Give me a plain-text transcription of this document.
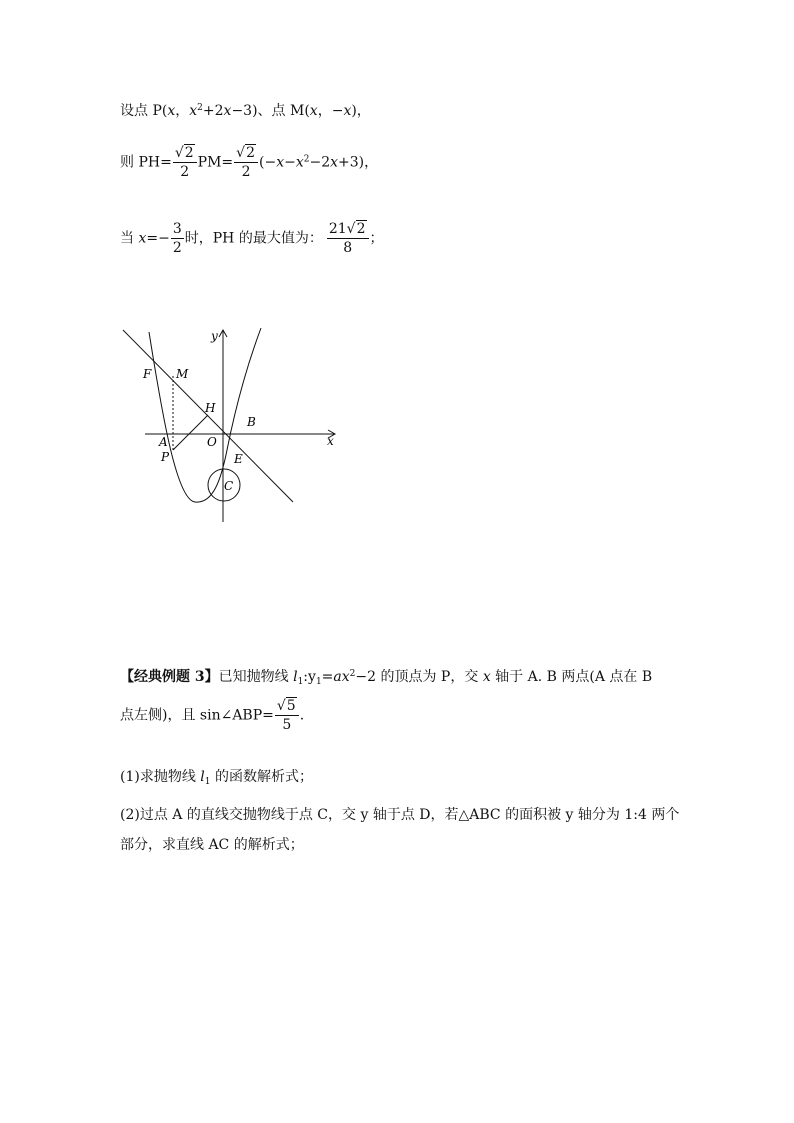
设点 P(x，$x^2+2x-3$)、点 M(x，−x)，
则 $PH= \frac{√2}{2} PM= \frac{√2}{2} (-x-x^2-2x+3)$，
当 $x=- \frac{3}{2}$ 时，PH 的最大值为： $\frac{21√2}{8}$ ；
y
x
F M
H
B
A	O
P	E
C
【经典例题 3】已知抛物线 $l_1:y_1=ax^2-2$ 的顶点为 P，交 x 轴于 A. B 两点(A 点在 B
点左侧)，且 sin∠ABP= $\frac{√5}{5}$ .
(1)求抛物线 $l_1$ 的函数解析式；
(2)过点 A 的直线交抛物线于点 C，交 y 轴于点 D，若△ABC 的面积被 y 轴分为 1:4 两个部分，求直线 AC 的解析式；
